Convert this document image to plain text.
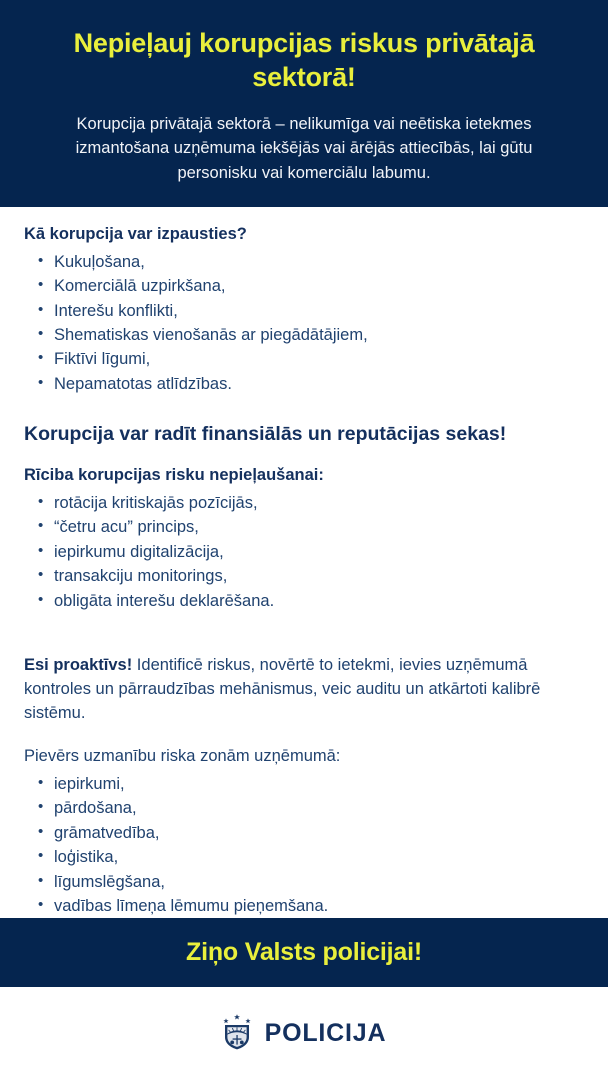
Nepieļauj korupcijas riskus privātajā sektorā!

Korupcija privātajā sektorā – nelikumīga vai neētiska ietekmes izmantošana uzņēmuma iekšējās vai ārējās attiecībās, lai gūtu personisku vai komerciālu labumu.

Kā korupcija var izpausties?
• Kukuļošana,
• Komerciālā uzpirkšana,
• Interešu konflikti,
• Shematiskas vienošanās ar piegādātājiem,
• Fiktīvi līgumi,
• Nepamatotas atlīdzības.
Korupcija var radīt finansiālās un reputācijas sekas!
Rīciba korupcijas risku nepieļaušanai:
• rotācija kritiskajās pozīcijās,
• “četru acu” princips,
• iepirkumu digitalizācija,
• transakciju monitorings,
• obligāta interešu deklarēšana.

Esi proaktīvs! Identificē riskus, novērtē to ietekmi, ievies uzņēmumā kontroles un pārraudzības mehānismus, veic auditu un atkārtoti kalibrē sistēmu.

Pievērs uzmanību riska zonām uzņēmumā:

• iepirkumi,
• pārdošana,
• grāmatvedība,
• loģistika,
• līgumslēgšana,
• vadības līmeņa lēmumu pieņemšana.

Ziņo Valsts policijai!

POLICIJA
